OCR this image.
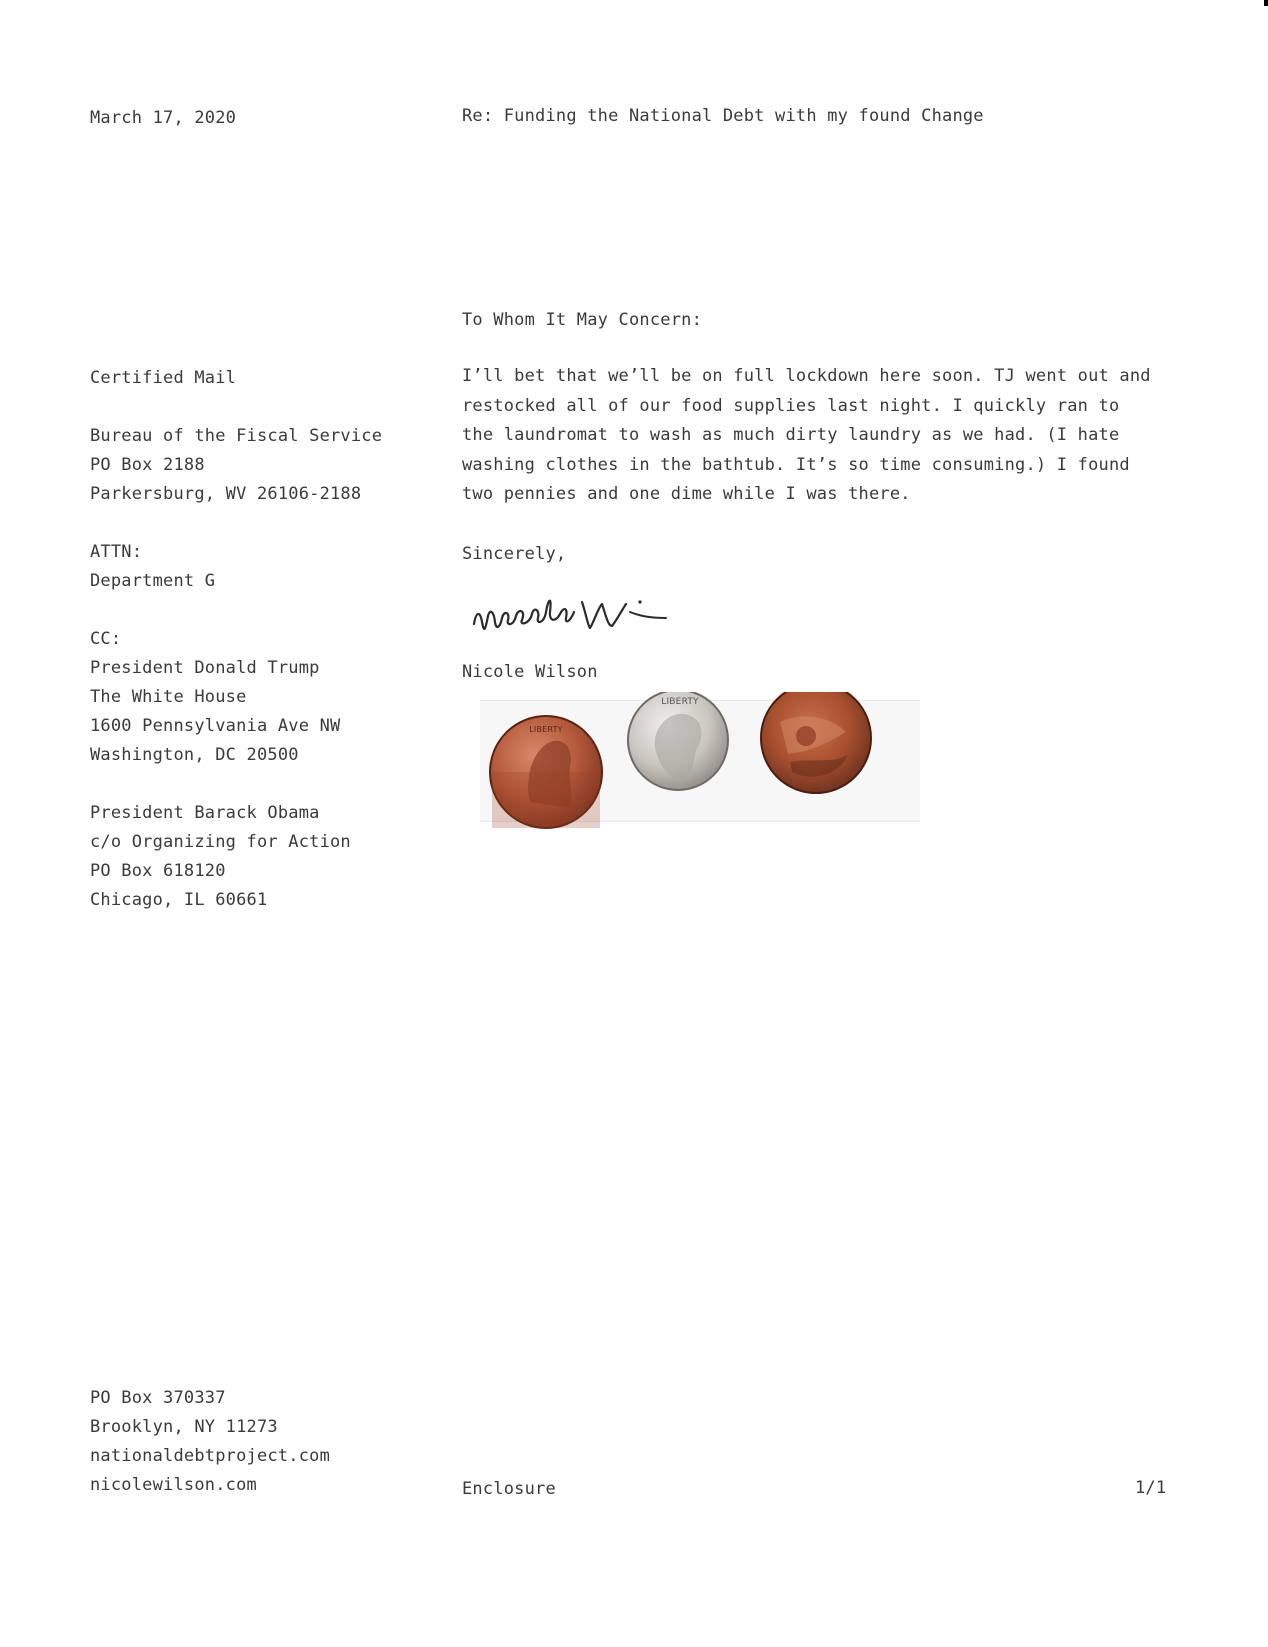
March 17, 2020	Re: Funding the National Debt with my found Change
To Whom It May Concern:
Certified Mail
Bureau of the Fiscal Service
PO Box 2188
Parkersburg, WV 26106-2188
ATTN:
Department G
CC:
President Donald Trump
The White House
1600 Pennsylvania Ave NW
Washington, DC 20500
President Barack Obama
c/o Organizing for Action
PO Box 618120
Chicago, IL 60661
I’ll bet that we’ll be on full lockdown here soon. TJ went out and
restocked all of our food supplies last night. I quickly ran to
the laundromat to wash as much dirty laundry as we had. (I hate
washing clothes in the bathtub. It’s so time consuming.) I found
two pennies and one dime while I was there.
Sincerely,
Nicole Wilson
LIBERTY
LIBERTY
PO Box 370337
Brooklyn, NY 11273
nationaldebtproject.com
nicolewilson.com	Enclosure	1/1
